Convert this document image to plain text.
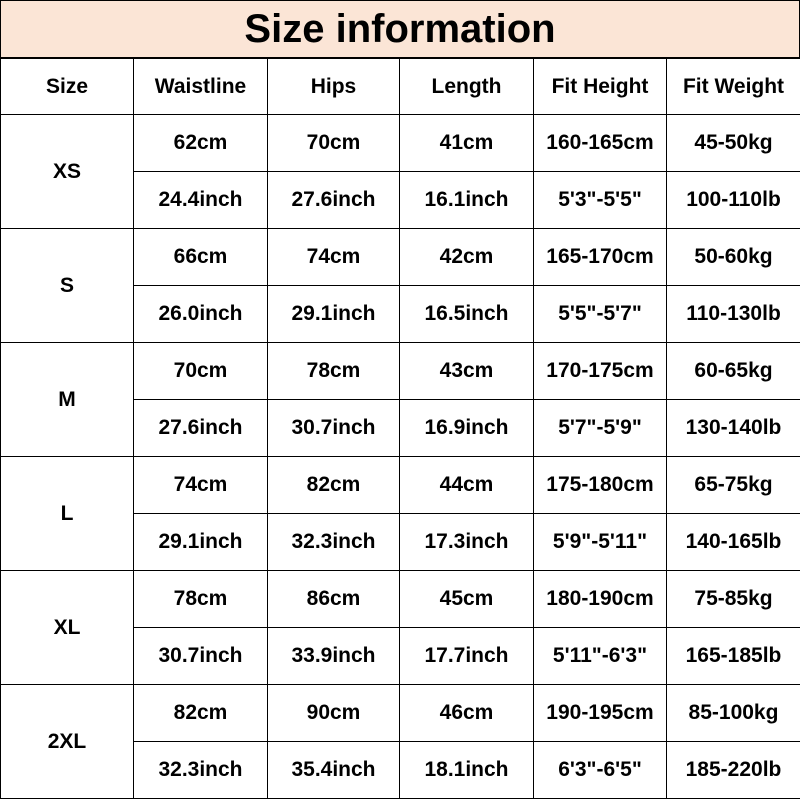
Size information
Size	Waistline	Hips	Length	Fit Height	Fit Weight
XS	62cm	70cm	41cm	160-165cm	45-50kg
	24.4inch	27.6inch	16.1inch	5'3"-5'5"	100-110lb
S	66cm	74cm	42cm	165-170cm	50-60kg
	26.0inch	29.1inch	16.5inch	5'5"-5'7"	110-130lb
M	70cm	78cm	43cm	170-175cm	60-65kg
	27.6inch	30.7inch	16.9inch	5'7"-5'9"	130-140lb
L	74cm	82cm	44cm	175-180cm	65-75kg
	29.1inch	32.3inch	17.3inch	5'9"-5'11"	140-165lb
XL	78cm	86cm	45cm	180-190cm	75-85kg
	30.7inch	33.9inch	17.7inch	5'11"-6'3"	165-185lb
2XL	82cm	90cm	46cm	190-195cm	85-100kg
	32.3inch	35.4inch	18.1inch	6'3"-6'5"	185-220lb
